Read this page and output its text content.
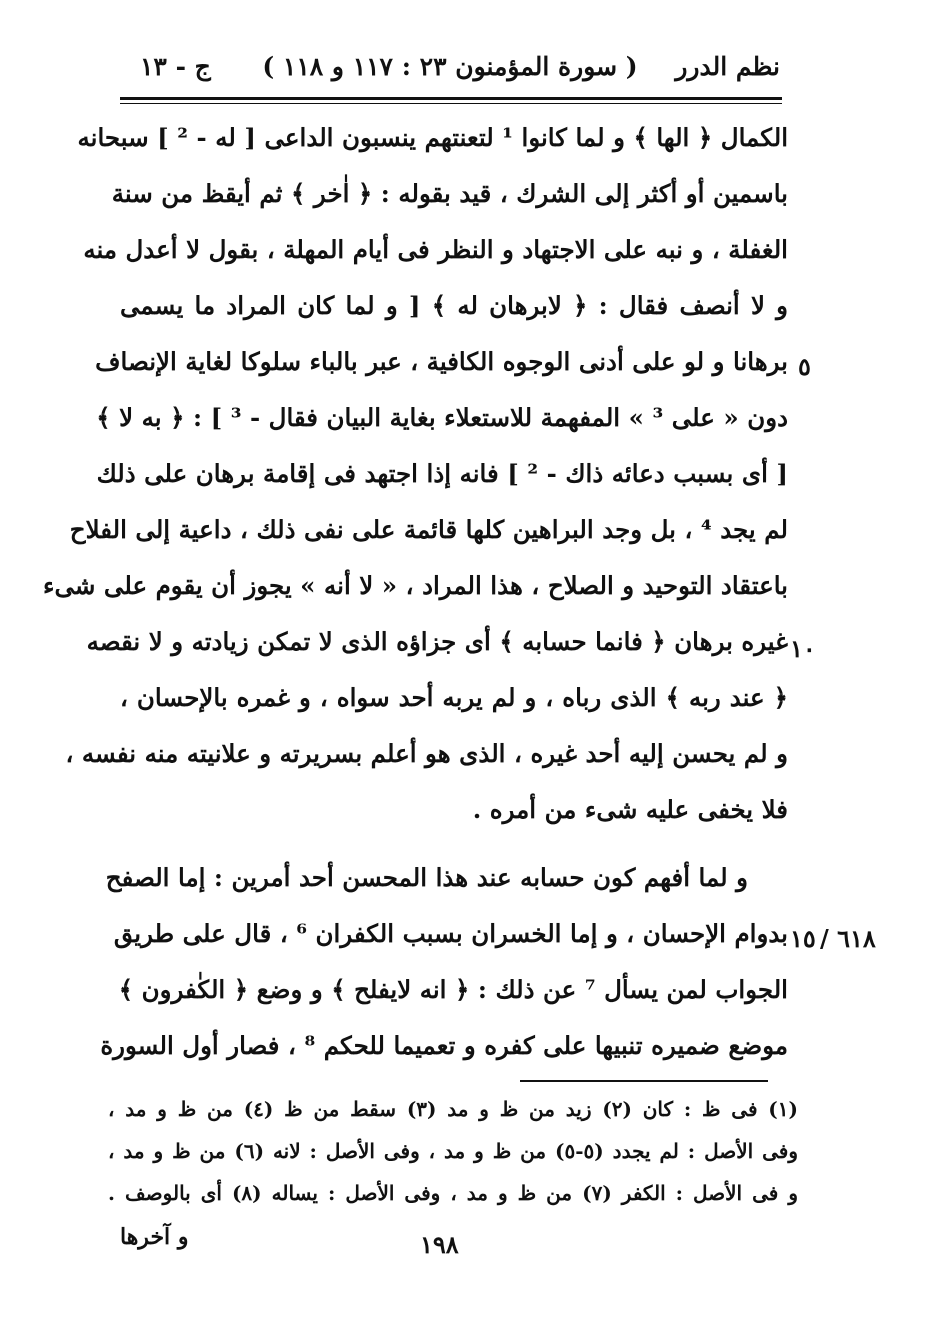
نظم الدرر
( سورة المؤمنون ٢٣ : ١١٧ و ١١٨ )
ج - ١٣
الكمال ﴿ الها ﴾ و لما كانوا ¹ لتعنتهم ينسبون الداعى [ له - ² ] سبحانه
باسمين أو أكثر إلى الشرك ، قيد بقوله : ﴿ اٰخر ﴾ ثم أيقظ من سنة
الغفلة ، و نبه على الاجتهاد و النظر فى أيام المهلة ، بقول لا أعدل منه
و لا أنصف فقال : ﴿ لابرهان له ﴾ [ و لما كان المراد ما يسمى
برهانا و لو على أدنى الوجوه الكافية ، عبر بالباء سلوكا لغاية الإنصاف
دون « على ³ » المفهمة للاستعلاء بغاية البيان فقال - ³ ] : ﴿ به لا ﴾
[ أى بسبب دعائه ذاك - ² ] فانه إذا اجتهد فى إقامة برهان على ذلك
لم يجد ⁴ ، بل وجد البراهين كلها قائمة على نفى ذلك ، داعية إلى الفلاح
باعتقاد التوحيد و الصلاح ، هذا المراد ، « لا أنه » يجوز أن يقوم على شىء
غيره برهان ﴿ فانما حسابه ﴾ أى جزاؤه الذى لا تمكن زيادته و لا نقصه
﴿ عند ربه ﴾ الذى رباه ، و لم يربه أحد سواه ، و غمره بالإحسان ،
و لم يحسن إليه أحد غيره ، الذى هو أعلم بسريرته و علانيته منه نفسه ،
فلا يخفى عليه شىء من أمره .
و لما أفهم كون حسابه عند هذا المحسن أحد أمرين : إما الصفح
بدوام الإحسان ، و إما الخسران بسبب الكفران ⁶ ، قال على طريق
الجواب لمن يسأل ⁷ عن ذلك : ﴿ انه لايفلح ﴾ و وضع ﴿ الكٰفرون ﴾
موضع ضميره تنبيها على كفره و تعميما للحكم ⁸ ، فصار أول السورة
٥
١٠
١٥ ٦١٨ /
(١) فى ظ : كان (٢) زيد من ظ و مد (٣) سقط من ظ (٤) من ظ و مد ،
وفى الأصل : لم يجدد (٥-٥) من ظ و مد ، وفى الأصل : لانه (٦) من ظ و مد ،
و فى الأصل : الكفر (٧) من ظ و مد ، وفى الأصل : يساله (٨) أى بالوصف .
و آخرها	١٩٨
